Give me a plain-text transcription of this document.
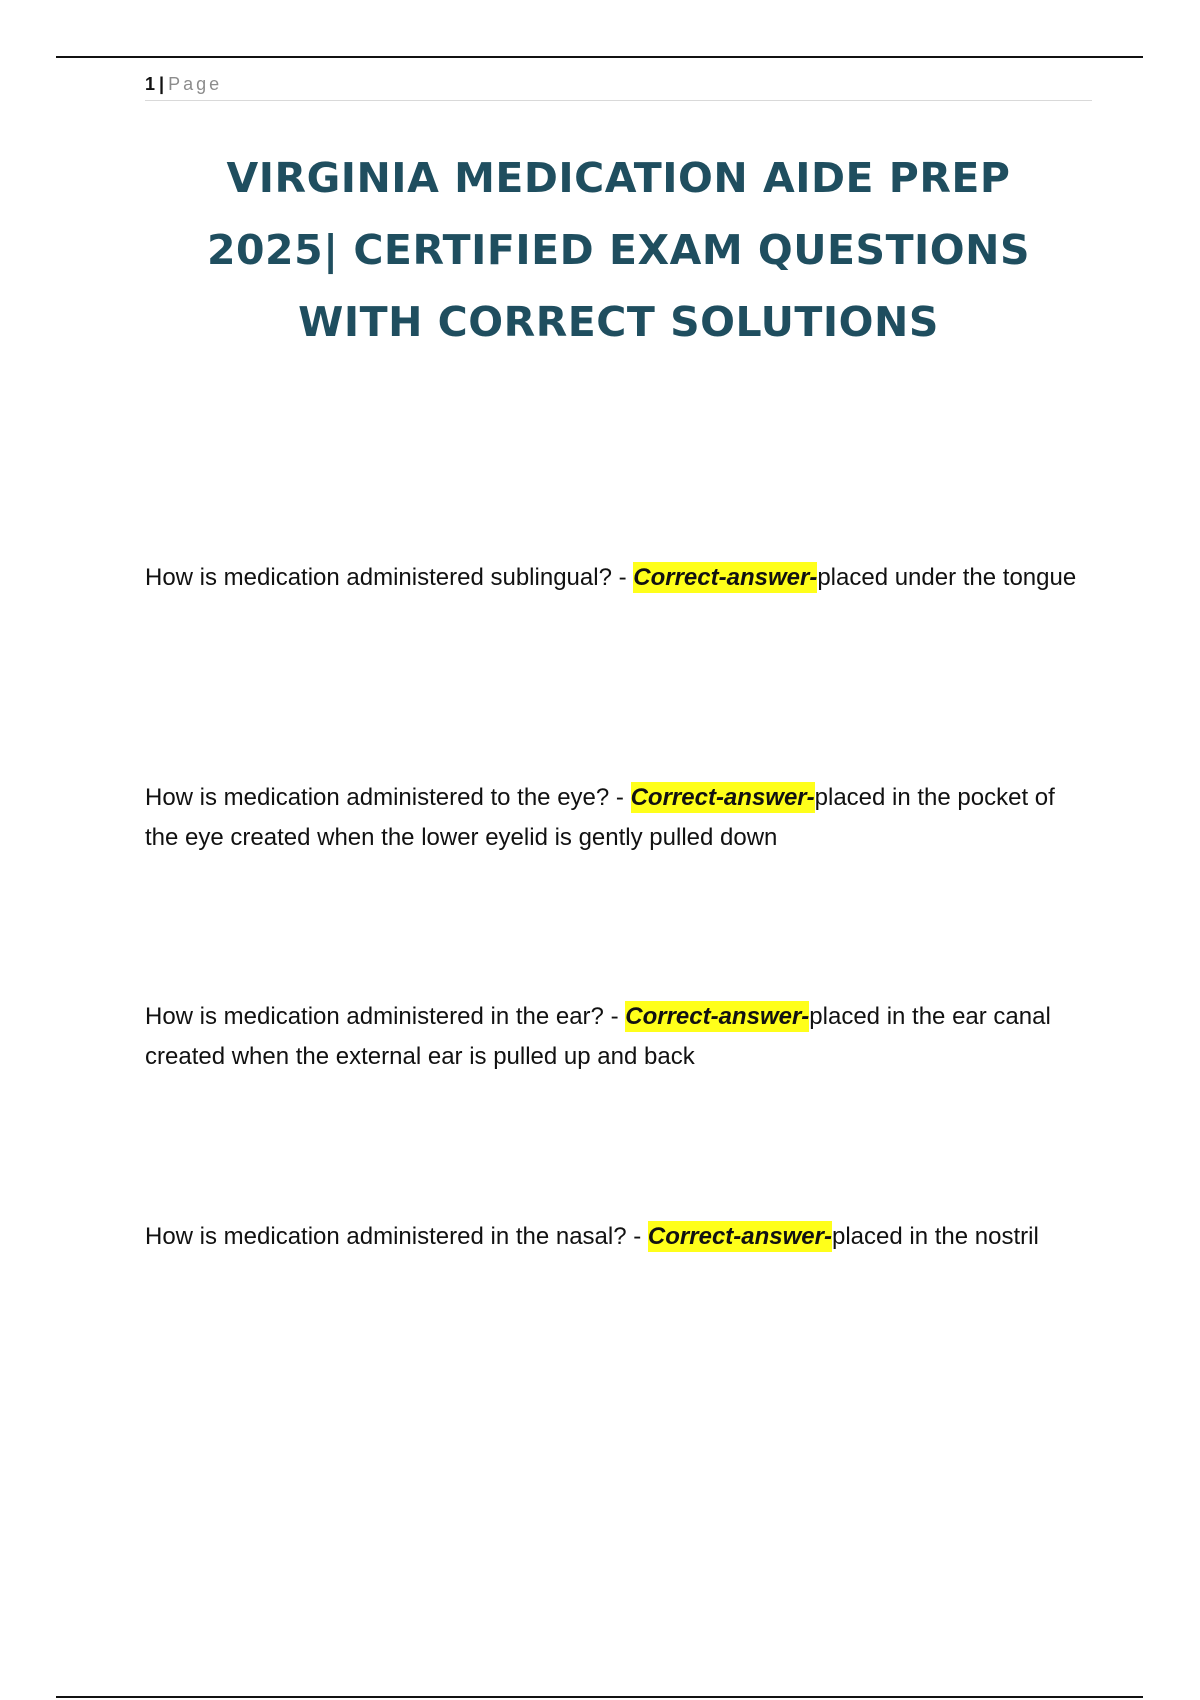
1 | Page
VIRGINIA MEDICATION AIDE PREP
2025| CERTIFIED EXAM QUESTIONS
WITH CORRECT SOLUTIONS

How is medication administered sublingual? - Correct-answer-placed under the tongue

How is medication administered to the eye? - Correct-answer-placed in the pocket of the eye created when the lower eyelid is gently pulled down

How is medication administered in the ear? - Correct-answer-placed in the ear canal created when the external ear is pulled up and back

How is medication administered in the nasal? - Correct-answer-placed in the nostril
